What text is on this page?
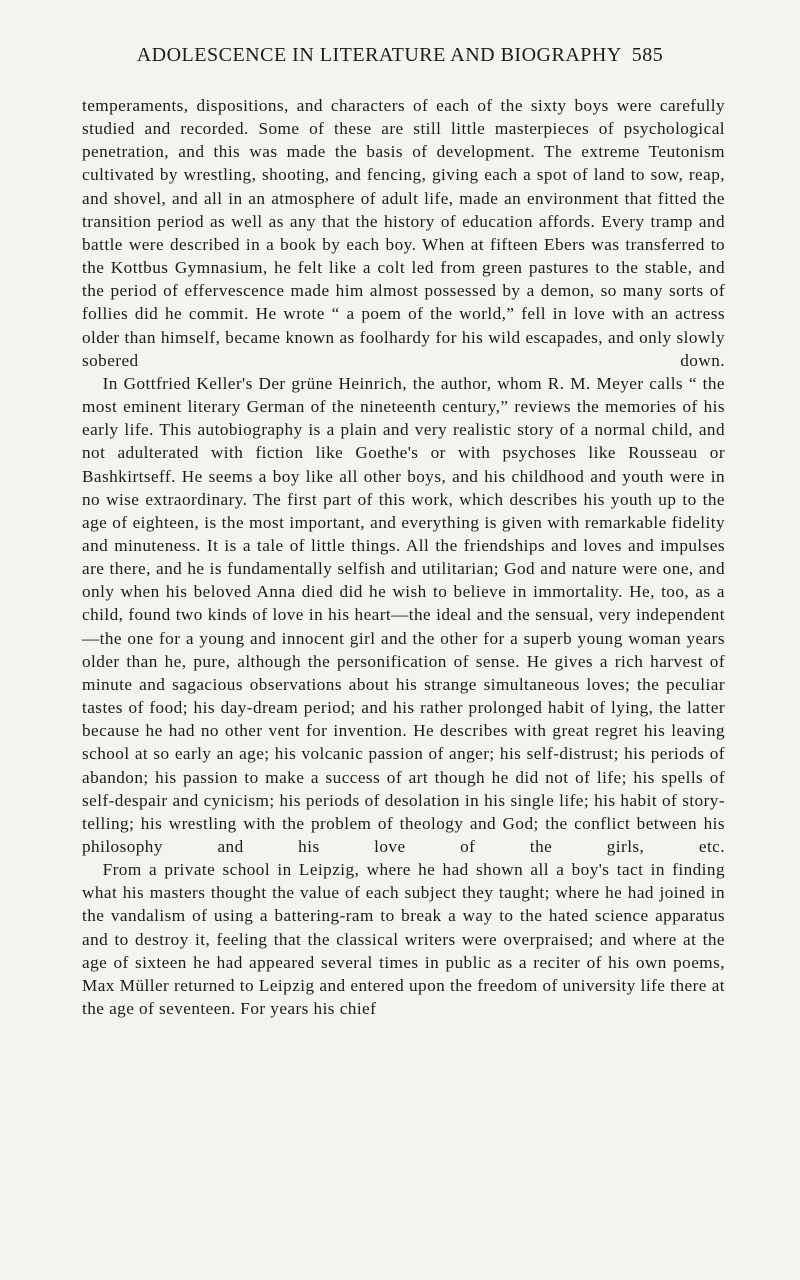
ADOLESCENCE IN LITERATURE AND BIOGRAPHY 585

temperaments, dispositions, and characters of each of the sixty boys were carefully studied and recorded. Some of these are still little masterpieces of psychological penetration, and this was made the basis of development. The extreme Teutonism cultivated by wrestling, shooting, and fencing, giving each a spot of land to sow, reap, and shovel, and all in an atmosphere of adult life, made an environment that fitted the transition period as well as any that the history of education affords. Every tramp and battle were described in a book by each boy. When at fifteen Ebers was transferred to the Kottbus Gymnasium, he felt like a colt led from green pastures to the stable, and the period of effervescence made him almost possessed by a demon, so many sorts of follies did he commit. He wrote “ a poem of the world,” fell in love with an actress older than himself, became known as foolhardy for his wild escapades, and only slowly sobered down.

In Gottfried Keller's Der grüne Heinrich, the author, whom R. M. Meyer calls “ the most eminent literary German of the nineteenth century,” reviews the memories of his early life. This autobiography is a plain and very realistic story of a normal child, and not adulterated with fiction like Goethe's or with psychoses like Rousseau or Bashkirtseff. He seems a boy like all other boys, and his childhood and youth were in no wise extraordinary. The first part of this work, which describes his youth up to the age of eighteen, is the most important, and everything is given with remarkable fidelity and minuteness. It is a tale of little things. All the friendships and loves and impulses are there, and he is fundamentally selfish and utilitarian; God and nature were one, and only when his beloved Anna died did he wish to believe in immortality. He, too, as a child, found two kinds of love in his heart—the ideal and the sensual, very independent—the one for a young and innocent girl and the other for a superb young woman years older than he, pure, although the personification of sense. He gives a rich harvest of minute and sagacious observations about his strange simultaneous loves; the peculiar tastes of food; his day-dream period; and his rather prolonged habit of lying, the latter because he had no other vent for invention. He describes with great regret his leaving school at so early an age; his volcanic passion of anger; his self-distrust; his periods of abandon; his passion to make a success of art though he did not of life; his spells of self-despair and cynicism; his periods of desolation in his single life; his habit of story-telling; his wrestling with the problem of theology and God; the conflict between his philosophy and his love of the girls, etc.

From a private school in Leipzig, where he had shown all a boy's tact in finding what his masters thought the value of each subject they taught; where he had joined in the vandalism of using a battering-ram to break a way to the hated science apparatus and to destroy it, feeling that the classical writers were overpraised; and where at the age of sixteen he had appeared several times in public as a reciter of his own poems, Max Müller returned to Leipzig and entered upon the freedom of university life there at the age of seventeen. For years his chief
